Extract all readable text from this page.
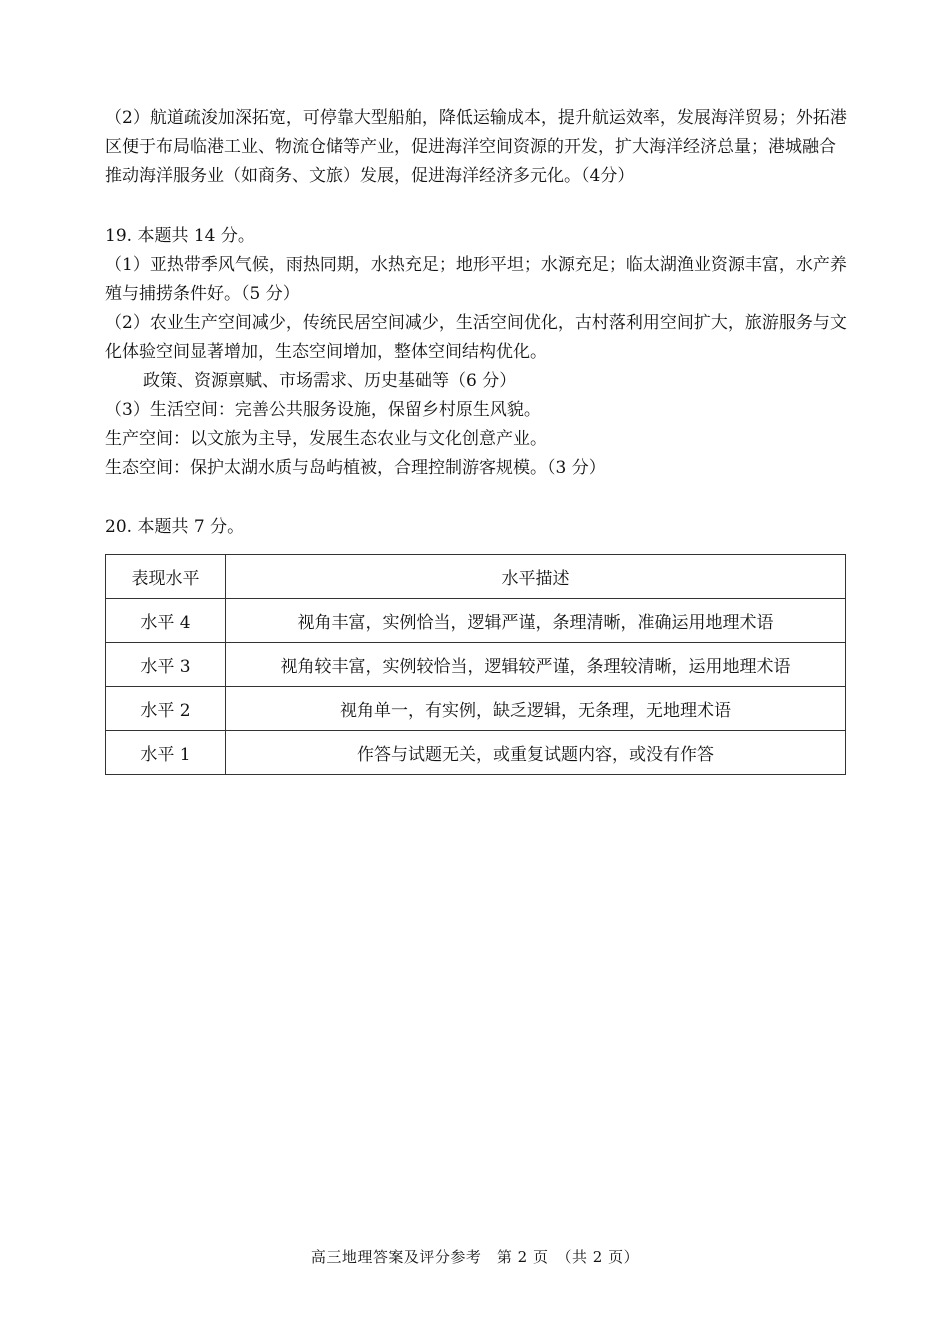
（2）航道疏浚加深拓宽，可停靠大型船舶，降低运输成本，提升航运效率，发展海洋贸易；外拓港区便于布局临港工业、物流仓储等产业，促进海洋空间资源的开发，扩大海洋经济总量；港城融合推动海洋服务业（如商务、文旅）发展，促进海洋经济多元化。（4分）

19. 本题共 14 分。

（1）亚热带季风气候，雨热同期，水热充足；地形平坦；水源充足；临太湖渔业资源丰富，水产养殖与捕捞条件好。（5 分）

（2）农业生产空间减少，传统民居空间减少，生活空间优化，古村落利用空间扩大，旅游服务与文化体验空间显著增加，生态空间增加，整体空间结构优化。

政策、资源禀赋、市场需求、历史基础等（6 分）

（3）生活空间：完善公共服务设施，保留乡村原生风貌。

生产空间：以文旅为主导，发展生态农业与文化创意产业。

生态空间：保护太湖水质与岛屿植被，合理控制游客规模。（3 分）

20. 本题共 7 分。

表现水平	水平描述
水平 4	视角丰富，实例恰当，逻辑严谨，条理清晰，准确运用地理术语
水平 3	视角较丰富，实例较恰当，逻辑较严谨，条理较清晰，运用地理术语
水平 2	视角单一，有实例，缺乏逻辑，无条理，无地理术语
水平 1	作答与试题无关，或重复试题内容，或没有作答
高三地理答案及评分参考　第 2 页　（共 2 页）
